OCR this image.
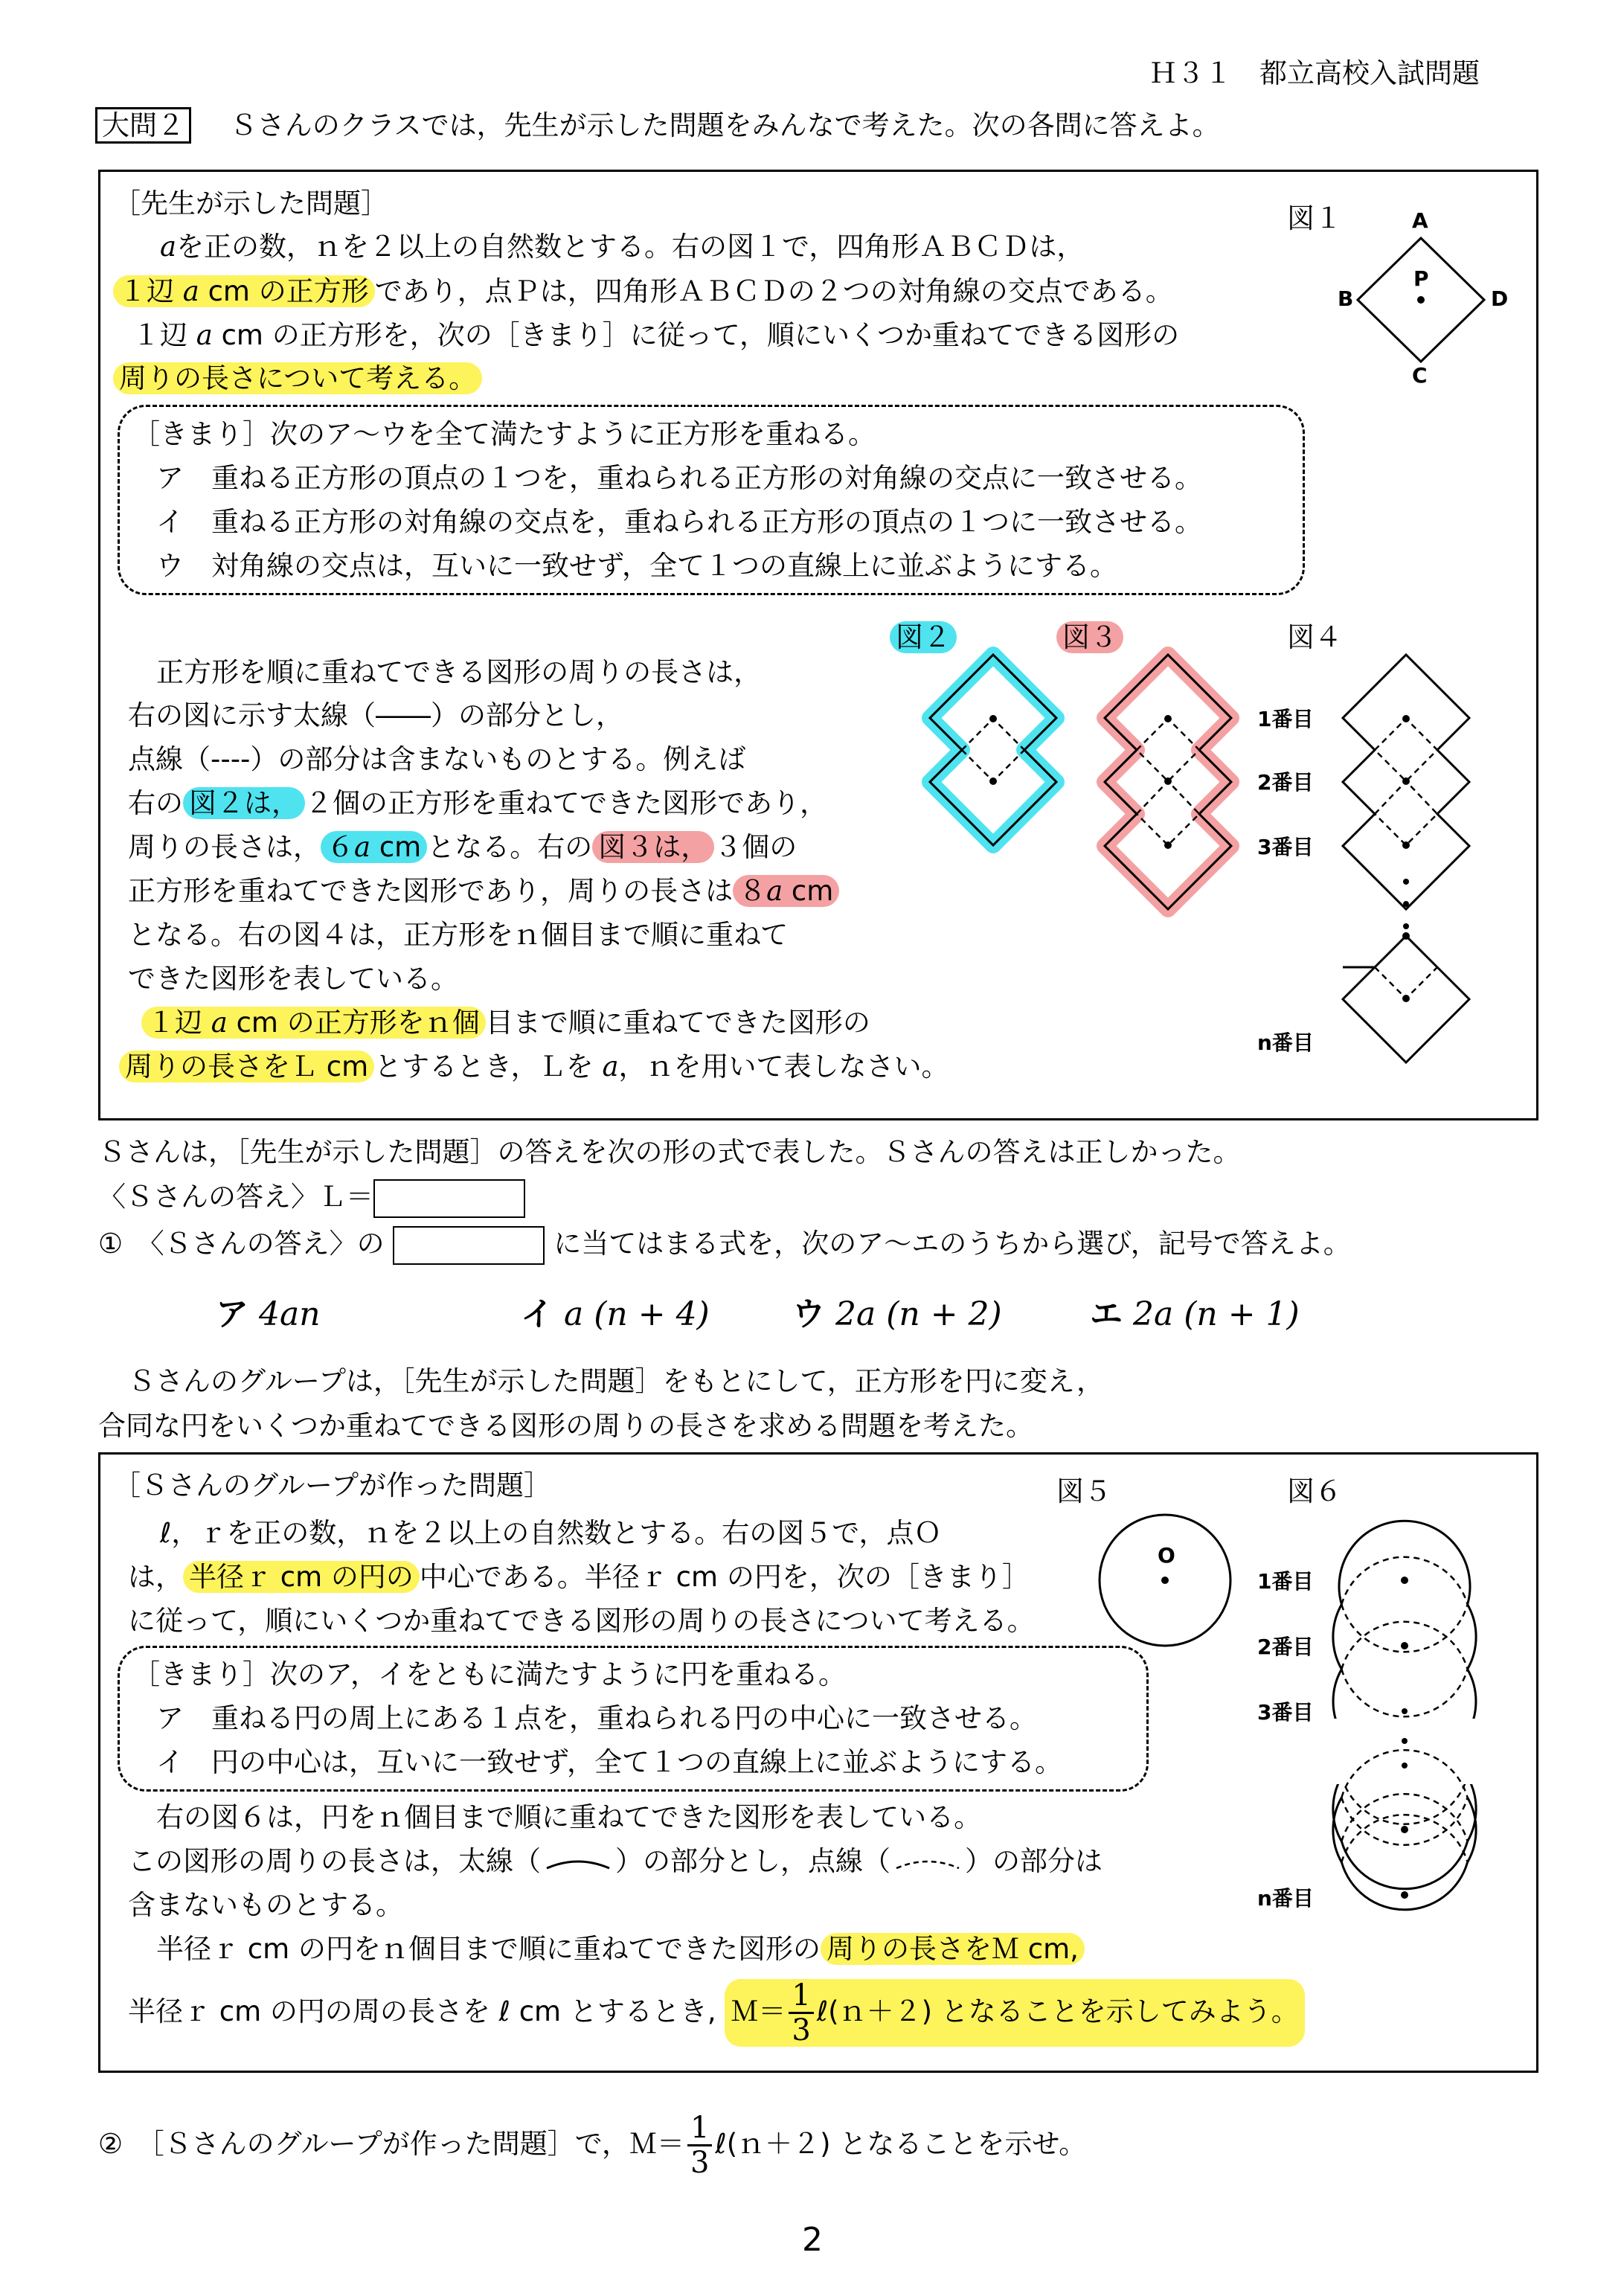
Ｈ３１　都立高校入試問題
大問２ Ｓさんのクラスでは，先生が示した問題をみんなで考えた。次の各問に答えよ。
［先生が示した問題］
aを正の数，ｎを２以上の自然数とする。右の図１で，四角形ＡＢＣＤは，
１辺 a cm の正方形 であり，点Ｐは，四角形ＡＢＣＤの２つの対角線の交点である。
１辺 a cm の正方形を，次の［きまり］に従って，順にいくつか重ねてできる図形の
周りの長さについて考える。
［きまり］次のア〜ウを全て満たすように正方形を重ねる。
ア　重ねる正方形の頂点の１つを，重ねられる正方形の対角線の交点に一致させる。
イ　重ねる正方形の対角線の交点を，重ねられる正方形の頂点の１つに一致させる。
ウ　対角線の交点は，互いに一致せず，全て１つの直線上に並ぶようにする。
正方形を順に重ねてできる図形の周りの長さは，
右の図に示す太線（――）の部分とし，
点線（----）の部分は含まないものとする。例えば
右の 図２は， ２個の正方形を重ねてできた図形であり，
周りの長さは， ６a cm となる。右の 図３は， ３個の
正方形を重ねてできた図形であり，周りの長さは ８a cm
となる。右の図４は，正方形をｎ個目まで順に重ねて
できた図形を表している。
１辺 a cm の正方形をｎ個 目まで順に重ねてできた図形の
周りの長さをＬ cm とするとき，Ｌを a，ｎを用いて表しなさい。
図１	A
B	D
C
P
図２	図３	図４
1番目
2番目
3番目
n番目
Ｓさんは，［先生が示した問題］の答えを次の形の式で表した。Ｓさんの答えは正しかった。
〈Ｓさんの答え〉Ｌ＝
①　〈Ｓさんの答え〉の	に当てはまる式を，次のア〜エのうちから選び，記号で答えよ。
ア 4an	イ a (n + 4)	ウ 2a (n + 2)	エ 2a (n + 1)
Ｓさんのグループは，［先生が示した問題］をもとにして，正方形を円に変え，
合同な円をいくつか重ねてできる図形の周りの長さを求める問題を考えた。
［Ｓさんのグループが作った問題］
ℓ，ｒを正の数，ｎを２以上の自然数とする。右の図５で，点Ｏ
は， 半径ｒ cm の円の 中心である。半径ｒ cm の円を，次の［きまり］
に従って，順にいくつか重ねてできる図形の周りの長さについて考える。
［きまり］次のア，イをともに満たすように円を重ねる。
ア　重ねる円の周上にある１点を，重ねられる円の中心に一致させる。
イ　円の中心は，互いに一致せず，全て１つの直線上に並ぶようにする。
右の図６は，円をｎ個目まで順に重ねてできた図形を表している。
この図形の周りの長さは，太線（	）の部分とし，点線（	）の部分は
含まないものとする。
半径ｒ cm の円をｎ個目まで順に重ねてできた図形の 周りの長さをＭ cm,
半径ｒ cm の円の周の長さを ℓ cm とするとき, Ｍ＝ $\frac{1}{3}$ ℓ(ｎ＋２) となることを示してみよう。
図５
O
図６
1番目
2番目
3番目
n番目
②　［Ｓさんのグループが作った問題］で，Ｍ＝ $\frac{1}{3}$ ℓ(ｎ＋２) となることを示せ。
2
